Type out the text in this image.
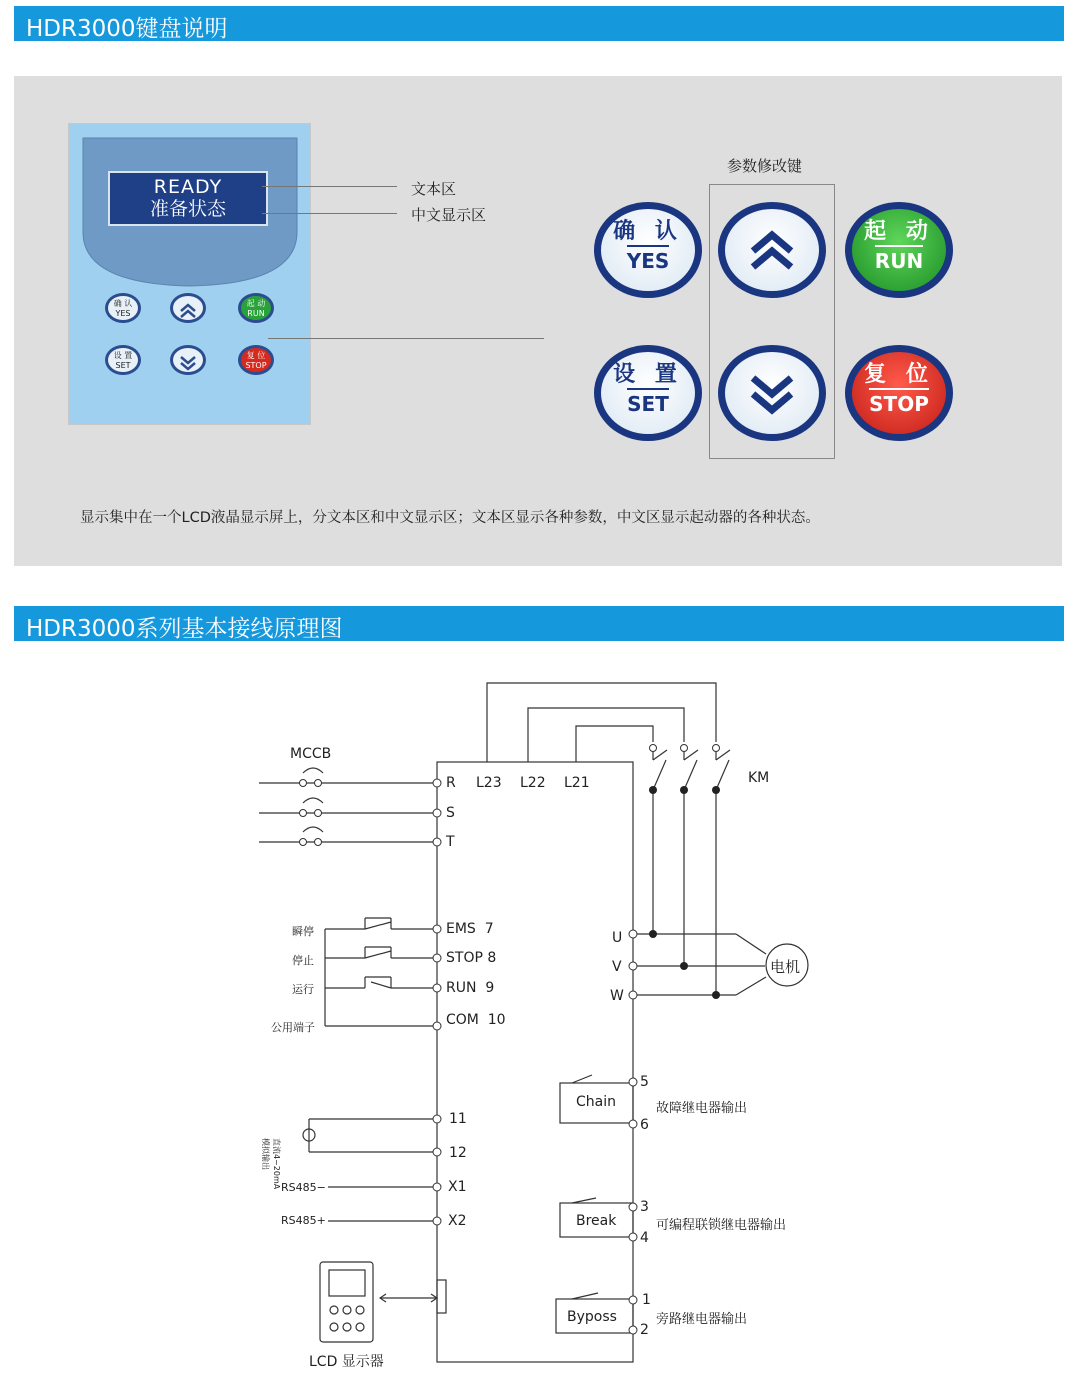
HDR3000键盘说明
READY
准备状态
确 认
YES
起 动
RUN
设 置
SET
复 位
STOP
文本区
中文显示区
参数修改键
确 认
YES
起 动
RUN
设 置
SET
复 位
STOP
显示集中在一个LCD液晶显示屏上，分文本区和中文显示区；文本区显示各种参数，中文区显示起动器的各种状态。
HDR3000系列基本接线原理图
MCCB
KM
R
S
T
L23 L22 L21
U
V
W
电机
瞬停
停止
运行
公用端子
EMS  7
STOP 8
RUN  9
COM  10
直流4~20mA 模拟输出
11
12
RS485−
RS485+
X1
X2
LCD 显示器
Chain
5
6
故障继电器输出
Break
3
4
可编程联锁继电器输出
Byposs
1
2
旁路继电器输出
